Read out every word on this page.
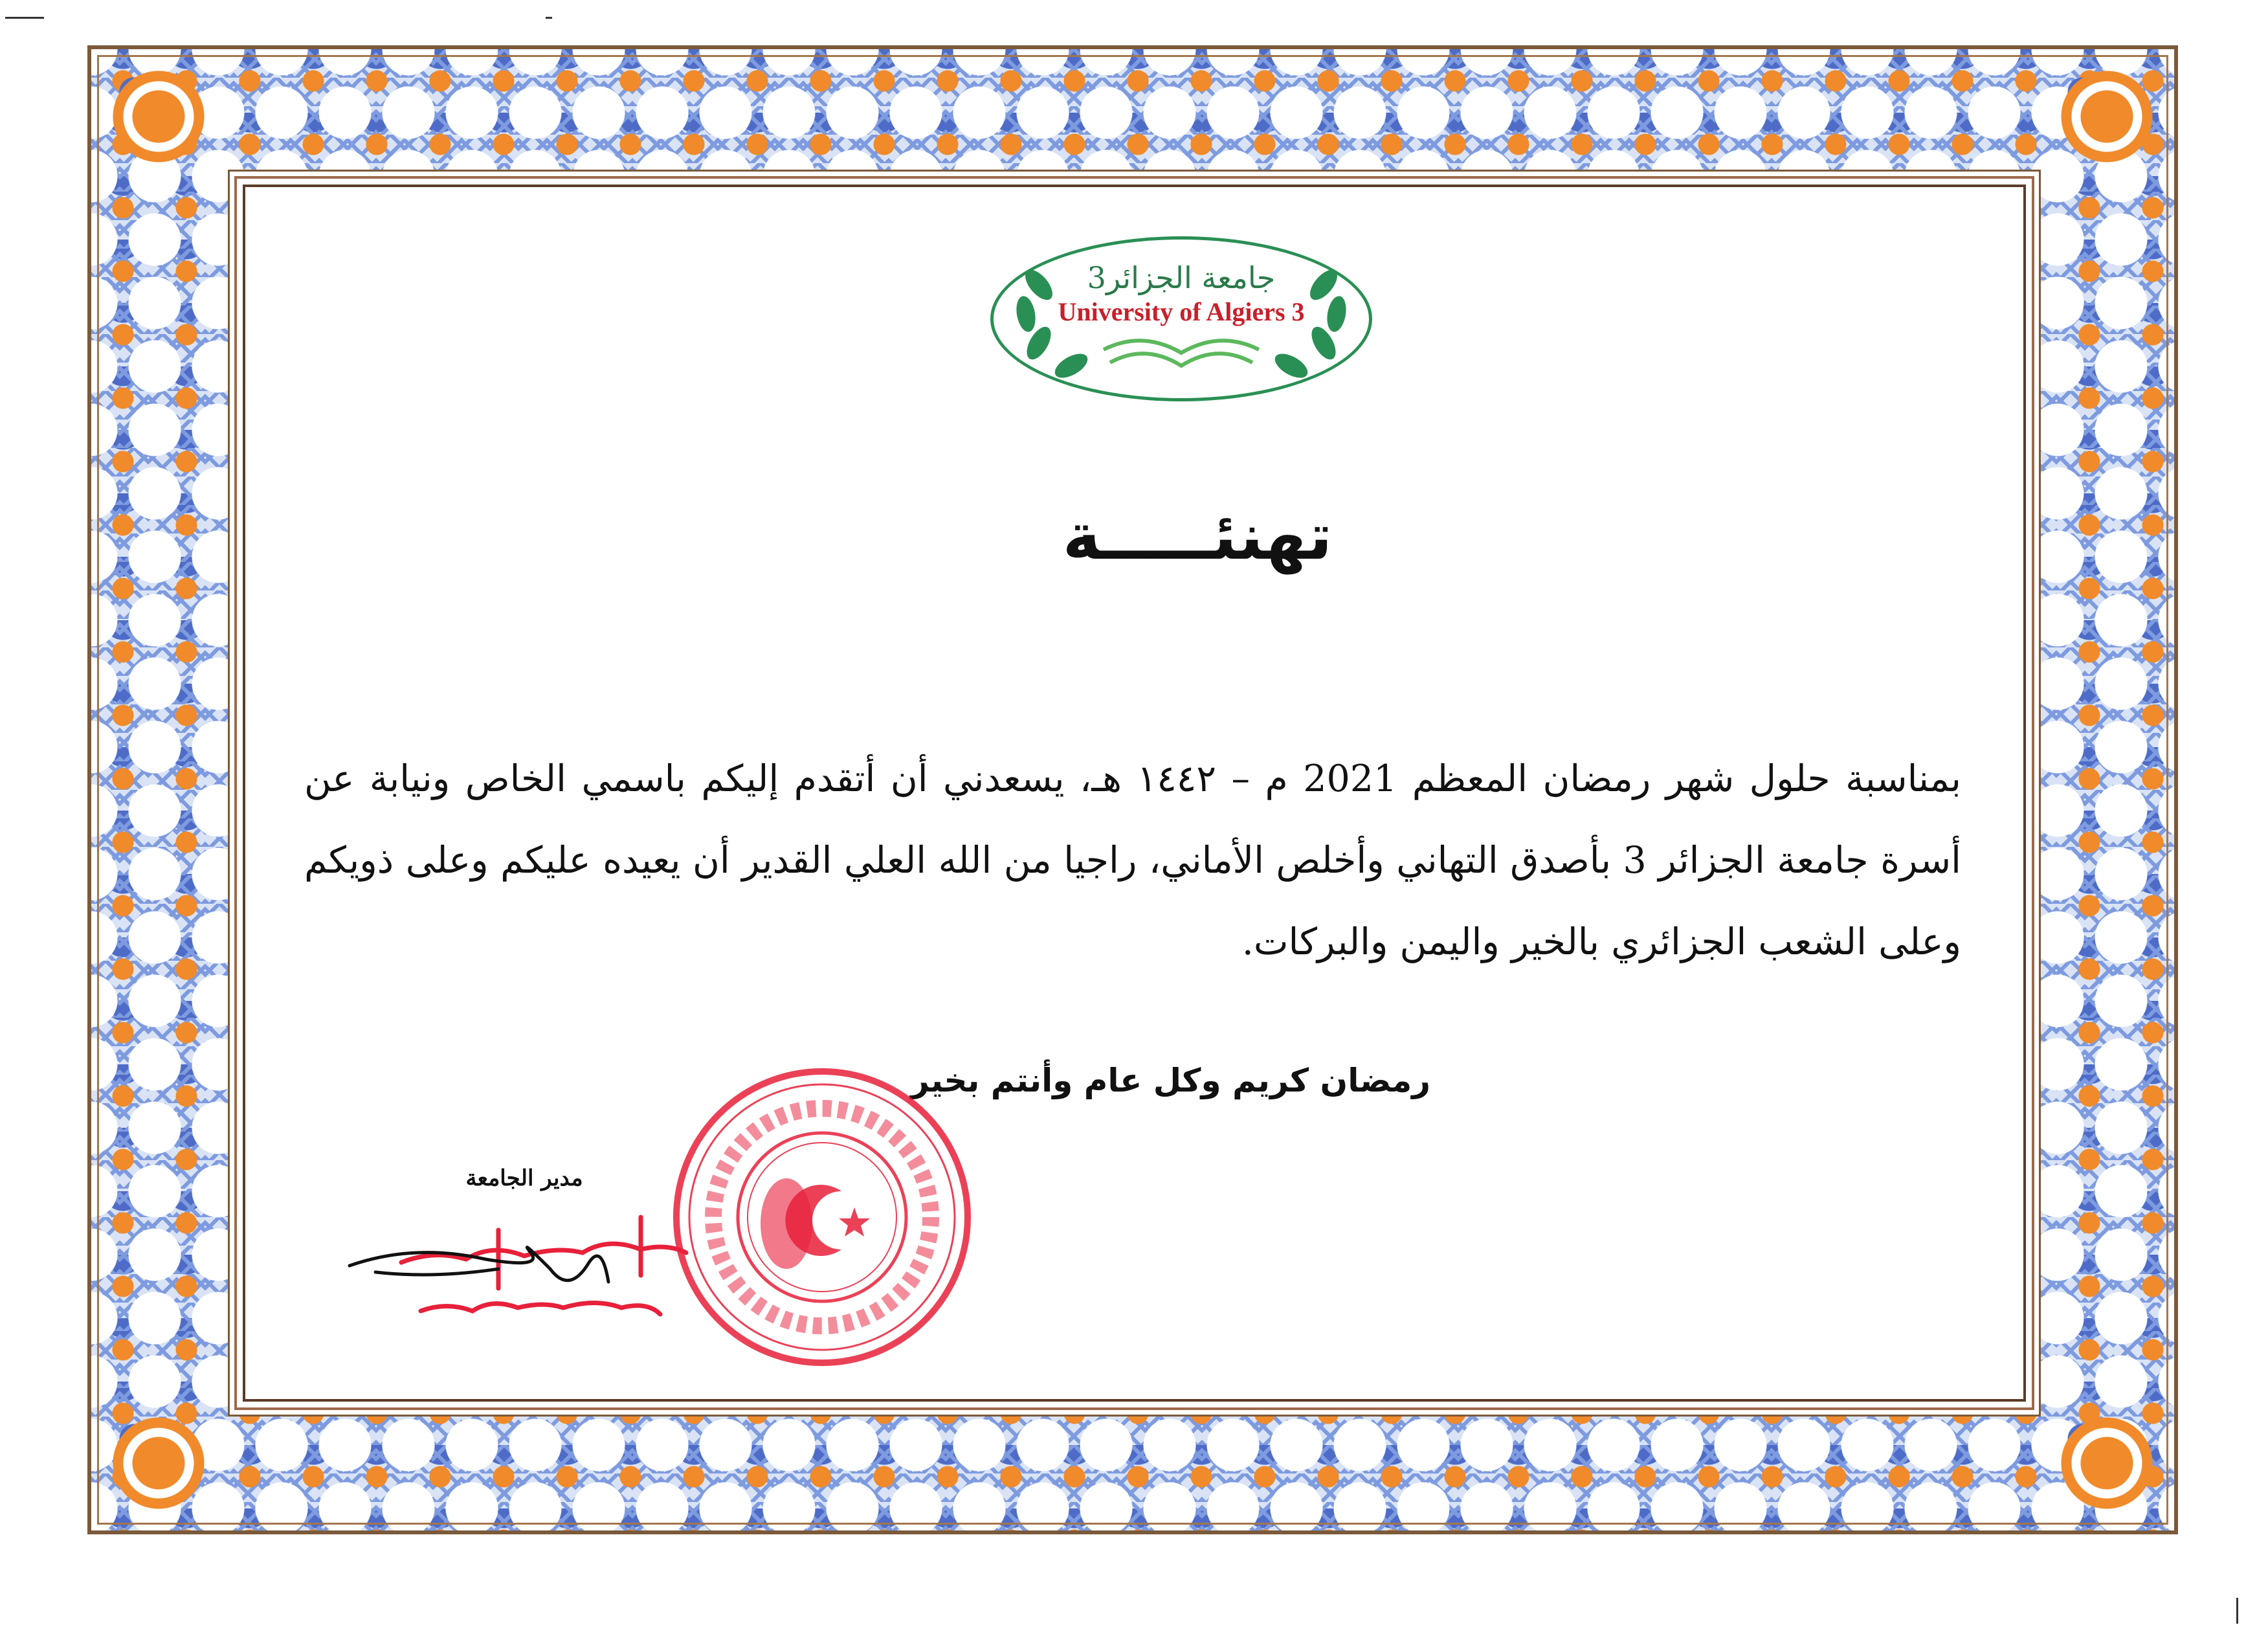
جامعة الجزائر3
University of Algiers 3
تهنئـــــة
بمناسبة حلول شهر رمضان المعظم 2021 م – ١٤٤٢ هـ، يسعدني أن أتقدم إليكم باسمي الخاص ونيابة عن أسرة جامعة الجزائر 3 بأصدق التهاني وأخلص الأماني، راجيا من الله العلي القدير أن يعيده عليكم وعلى ذويكم وعلى الشعب الجزائري بالخير واليمن والبركات.
رمضان كريم وكل عام وأنتم بخير
مدير الجامعة
